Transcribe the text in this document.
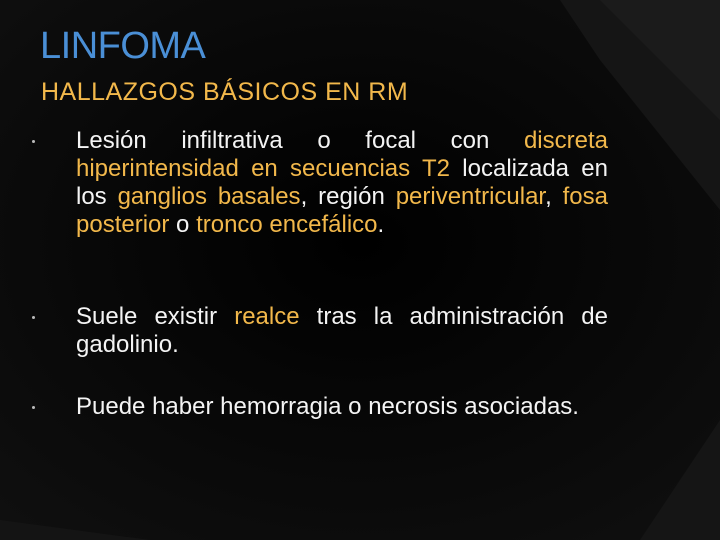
LINFOMA
HALLAZGOS BÁSICOS EN RM
Lesión infiltrativa o focal con discreta hiperintensidad en secuencias T2 localizada en los ganglios basales, región periventricular, fosa posterior o tronco encefálico.
Suele existir realce tras la administración de gadolinio.
Puede haber hemorragia o necrosis asociadas.
